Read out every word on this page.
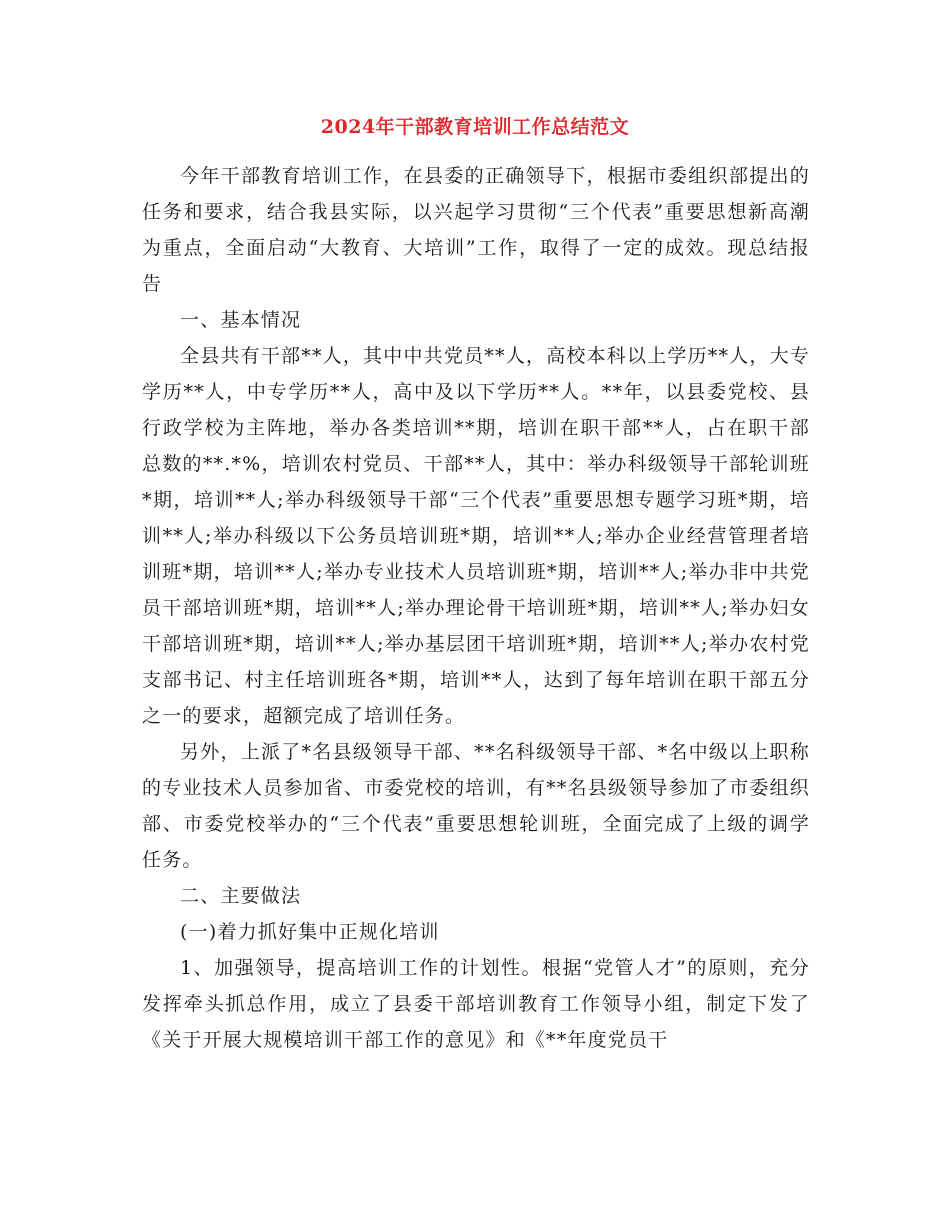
2024年干部教育培训工作总结范文

今年干部教育培训工作，在县委的正确领导下，根据市委组织部提出的任务和要求，结合我县实际，以兴起学习贯彻“三个代表”重要思想新高潮为重点，全面启动“大教育、大培训”工作，取得了一定的成效。现总结报告

一、基本情况

全县共有干部**人，其中中共党员**人，高校本科以上学历**人，大专学历**人，中专学历**人，高中及以下学历**人。**年，以县委党校、县行政学校为主阵地，举办各类培训**期，培训在职干部**人，占在职干部总数的**.*%，培训农村党员、干部**人，其中：举办科级领导干部轮训班*期，培训**人;举办科级领导干部“三个代表”重要思想专题学习班*期，培训**人;举办科级以下公务员培训班*期，培训**人;举办企业经营管理者培训班*期，培训**人;举办专业技术人员培训班*期，培训**人;举办非中共党员干部培训班*期，培训**人;举办理论骨干培训班*期，培训**人;举办妇女干部培训班*期，培训**人;举办基层团干培训班*期，培训**人;举办农村党支部书记、村主任培训班各*期，培训**人，达到了每年培训在职干部五分之一的要求，超额完成了培训任务。

另外，上派了*名县级领导干部、**名科级领导干部、*名中级以上职称的专业技术人员参加省、市委党校的培训，有**名县级领导参加了市委组织部、市委党校举办的“三个代表”重要思想轮训班，全面完成了上级的调学任务。

二、主要做法

(一)着力抓好集中正规化培训

1、加强领导，提高培训工作的计划性。根据“党管人才”的原则，充分发挥牵头抓总作用，成立了县委干部培训教育工作领导小组，制定下发了《关于开展大规模培训干部工作的意见》和《**年度党员干
